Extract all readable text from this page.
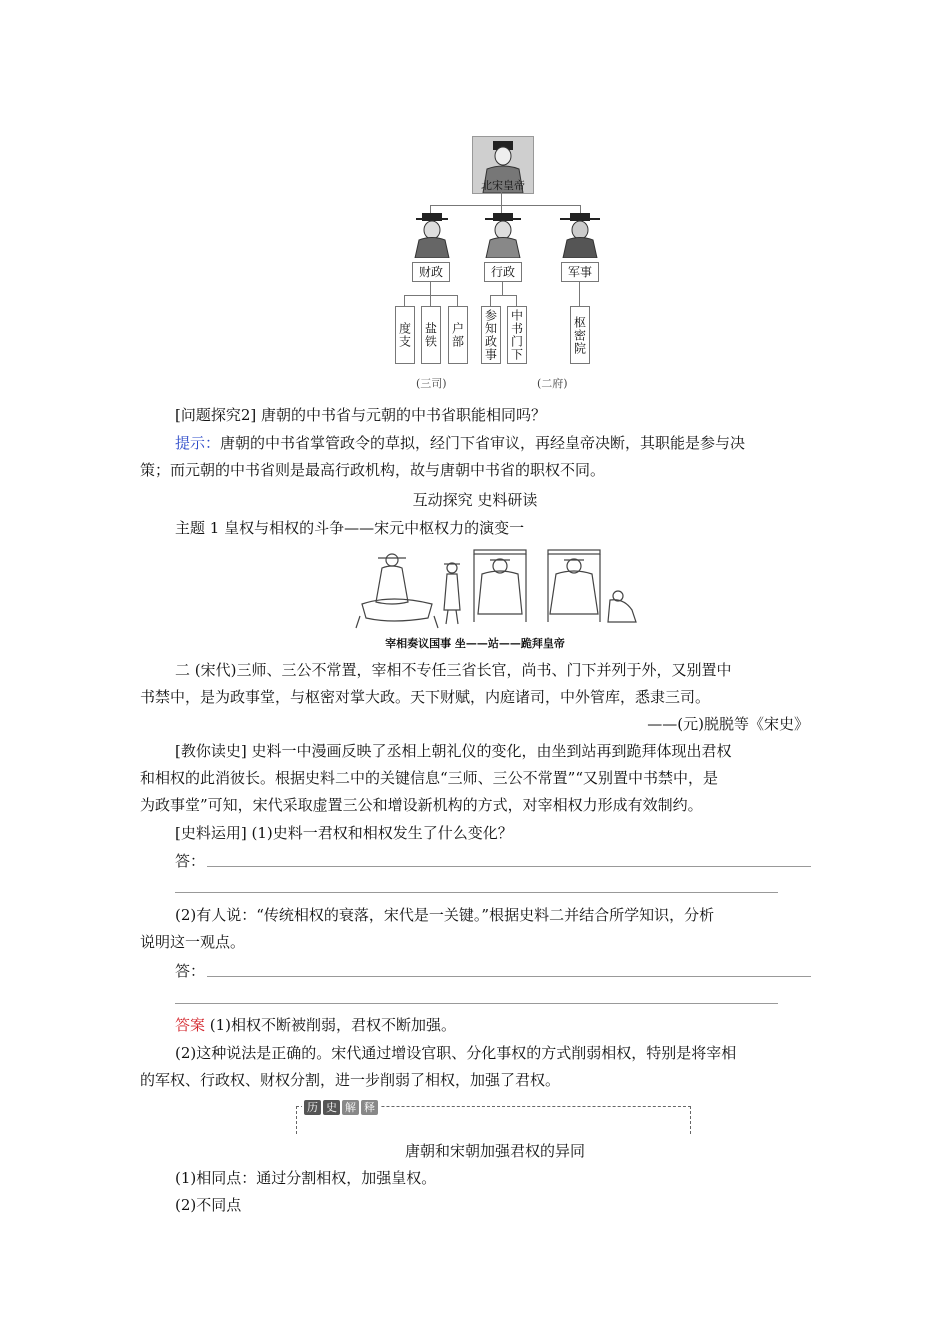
北宋皇帝
财政	行政	军事
度支 盐铁 户部 参知政事 中书门下	枢密院
(三司)	(二府)
[问题探究2] 唐朝的中书省与元朝的中书省职能相同吗？
提示：唐朝的中书省掌管政令的草拟，经门下省审议，再经皇帝决断，其职能是参与决
策；而元朝的中书省则是最高行政机构，故与唐朝中书省的职权不同。
互动探究 史料研读
主题 1 皇权与相权的斗争——宋元中枢权力的演变一
宰相奏议国事 坐——站——跪拜皇帝
二 (宋代)三师、三公不常置，宰相不专任三省长官，尚书、门下并列于外，又别置中
书禁中，是为政事堂，与枢密对掌大政。天下财赋，内庭诸司，中外管库，悉隶三司。
——(元)脱脱等《宋史》
[教你读史] 史料一中漫画反映了丞相上朝礼仪的变化，由坐到站再到跪拜体现出君权
和相权的此消彼长。根据史料二中的关键信息“三师、三公不常置”“又别置中书禁中，是
为政事堂”可知，宋代采取虚置三公和增设新机构的方式，对宰相权力形成有效制约。
[史料运用] (1)史料一君权和相权发生了什么变化？
答：
(2)有人说：“传统相权的衰落，宋代是一关键。”根据史料二并结合所学知识，分析
说明这一观点。
答：
答案 (1)相权不断被削弱，君权不断加强。
(2)这种说法是正确的。宋代通过增设官职、分化事权的方式削弱相权，特别是将宰相
的军权、行政权、财权分割，进一步削弱了相权，加强了君权。
历 史 解 释
唐朝和宋朝加强君权的异同
(1)相同点：通过分割相权，加强皇权。
(2)不同点
